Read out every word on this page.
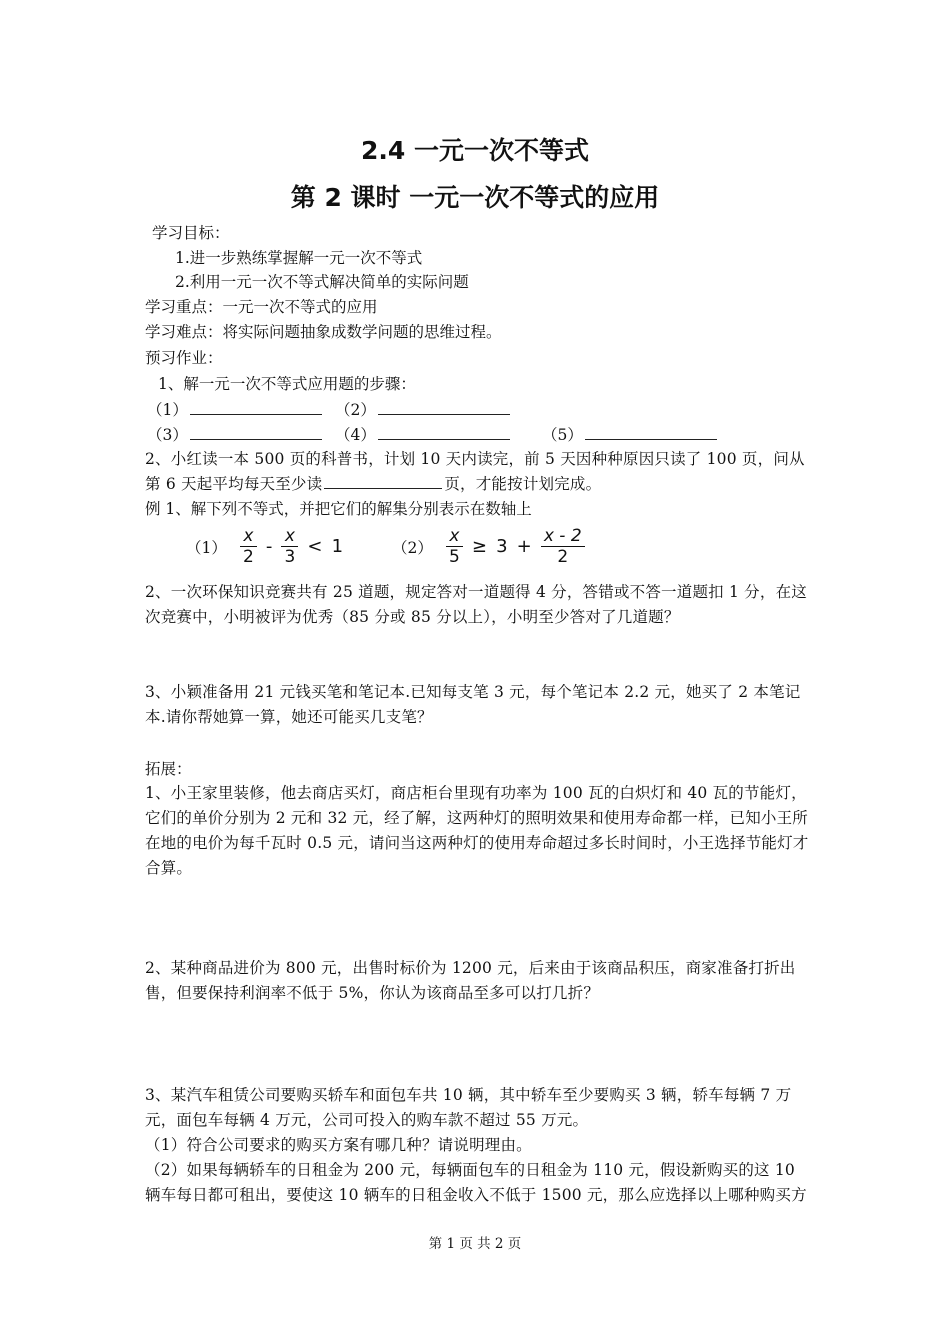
2.4 一元一次不等式
第 2 课时 一元一次不等式的应用
学习目标：
1.进一步熟练掌握解一元一次不等式
2.利用一元一次不等式解决简单的实际问题
学习重点：一元一次不等式的应用
学习难点：将实际问题抽象成数学问题的思维过程。
预习作业：
1、解一元一次不等式应用题的步骤：
（1）	（2）
（3）	（4）	（5）
2、小红读一本 500 页的科普书，计划 10 天内读完，前 5 天因种种原因只读了 100 页，问从第 6 天起平均每天至少读	页，才能按计划完成。
例 1、解下列不等式，并把它们的解集分别表示在数轴上
$(1) \frac{x}{2} - \frac{x}{3} < 1$	$(2) \frac{x}{5} \ge 3 + \frac{x - 2}{2}$
2、一次环保知识竞赛共有 25 道题，规定答对一道题得 4 分，答错或不答一道题扣 1 分，在这次竞赛中，小明被评为优秀（85 分或 85 分以上），小明至少答对了几道题？
3、小颖准备用 21 元钱买笔和笔记本.已知每支笔 3 元，每个笔记本 2.2 元，她买了 2 本笔记本.请你帮她算一算，她还可能买几支笔？
拓展：
1、小王家里装修，他去商店买灯，商店柜台里现有功率为 100 瓦的白炽灯和 40 瓦的节能灯，它们的单价分别为 2 元和 32 元，经了解，这两种灯的照明效果和使用寿命都一样，已知小王所在地的电价为每千瓦时 0.5 元，请问当这两种灯的使用寿命超过多长时间时，小王选择节能灯才合算。
2、某种商品进价为 800 元，出售时标价为 1200 元，后来由于该商品积压，商家准备打折出售，但要保持利润率不低于 5%，你认为该商品至多可以打几折？
3、某汽车租赁公司要购买轿车和面包车共 10 辆，其中轿车至少要购买 3 辆，轿车每辆 7 万元，面包车每辆 4 万元，公司可投入的购车款不超过 55 万元。
（1）符合公司要求的购买方案有哪几种？请说明理由。
（2）如果每辆轿车的日租金为 200 元，每辆面包车的日租金为 110 元，假设新购买的这 10 辆车每日都可租出，要使这 10 辆车的日租金收入不低于 1500 元，那么应选择以上哪种购买方
第 1 页 共 2 页
